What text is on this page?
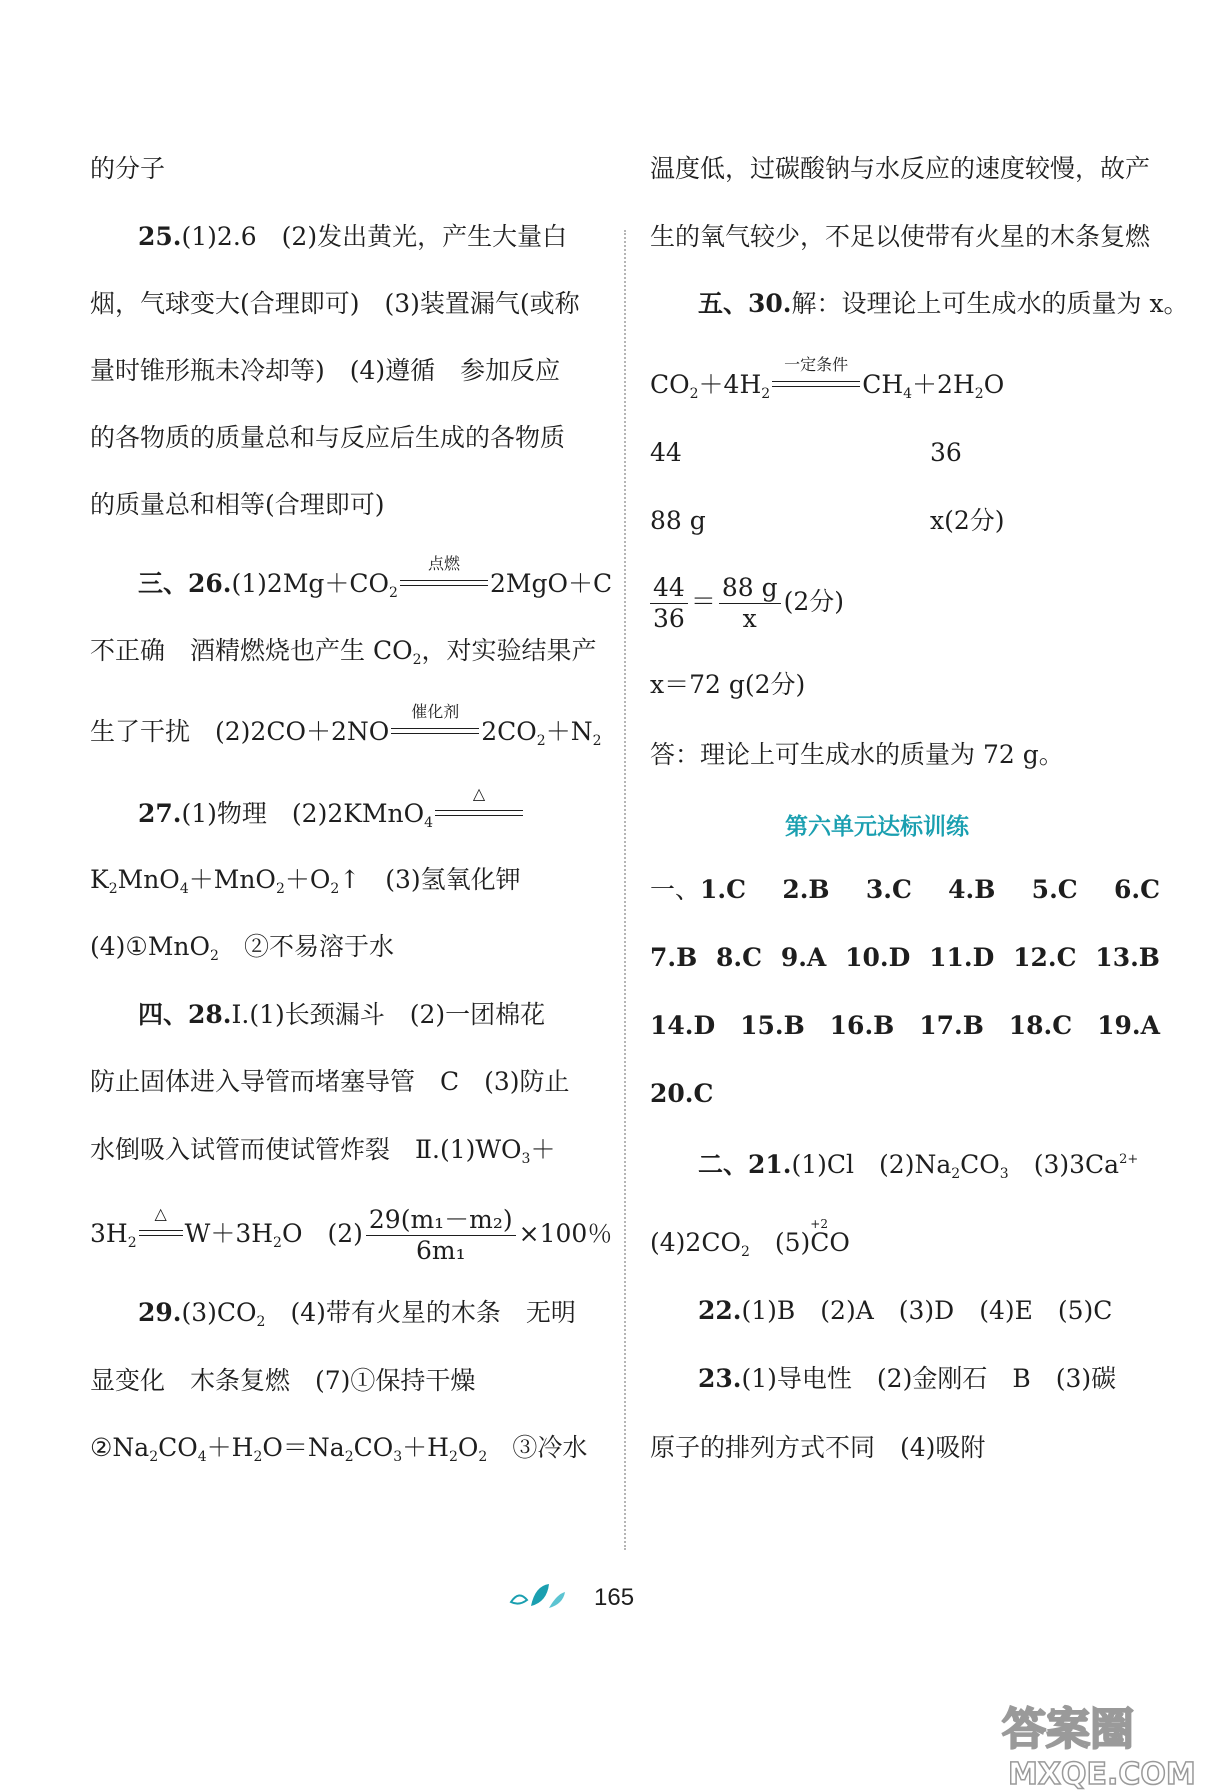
的分子
25.(1)2.6　(2)发出黄光，产生大量白
烟，气球变大(合理即可)　(3)装置漏气(或称
量时锥形瓶未冷却等)　(4)遵循　参加反应
的各物质的质量总和与反应后生成的各物质
的质量总和相等(合理即可)
三、$26.(1)2Mg+CO_2$
点燃
2MgO＋C
不正确　酒精燃烧也产生 $CO_2$，对实验结果产
生了干扰　(2)2CO＋2NO
催化剂
$2CO_2+N_2$
27.(1)物理　(2)2KMnO$_4$
△
$K_2MnO_4+MnO_2+O_2↑$　(3)氢氧化钾
(4)①MnO$_2$　②不易溶于水
四、28.Ⅰ.(1)长颈漏斗　(2)一团棉花
防止固体进入导管而堵塞导管　C　(3)防止
水倒吸入试管而使试管炸裂　$Ⅱ.(1)WO_3+$
$3H_2$
△
$W+3H_2O$　$(2) \frac{\text{29(m₁－m₂)}}{\text{6m₁}} \times 100$％
$29.(3)CO_2$　(4)带有火星的木条　无明
显变化　木条复燃　(7)①保持干燥
$②Na_2CO_4+H_2O=Na_2CO_3+H_2O_2$　③冷水
温度低，过碳酸钠与水反应的速度较慢，故产
生的氧气较少，不足以使带有火星的木条复燃
五、30.解：设理论上可生成水的质量为 x。
$CO_2+4H_2$
一定条件
$CH_4+2H_2O$
44	36
88 g	x(2分)
$\frac{44}{36} = \frac{88 g}{x} (2$分)
x＝72 g(2分)
答：理论上可生成水的质量为 72 g。
第六单元达标训练
一、1.C 2.B 3.C 4.B 5.C 6.C
7.B 8.C 9.A 10.D 11.D 12.C 13.B
14.D 15.B 16.B 17.B 18.C 19.A
20.C
二、21.(1)Cl　$(2)Na_2CO_3$　$(3)3Ca^{2+}$
$(4)2CO_2$　(5)
+2
CO
22.(1)B　(2)A　(3)D　(4)E　(5)C
23.(1)导电性　(2)金刚石　B　(3)碳
原子的排列方式不同　(4)吸附
165
答案圈
MXQE.COM
